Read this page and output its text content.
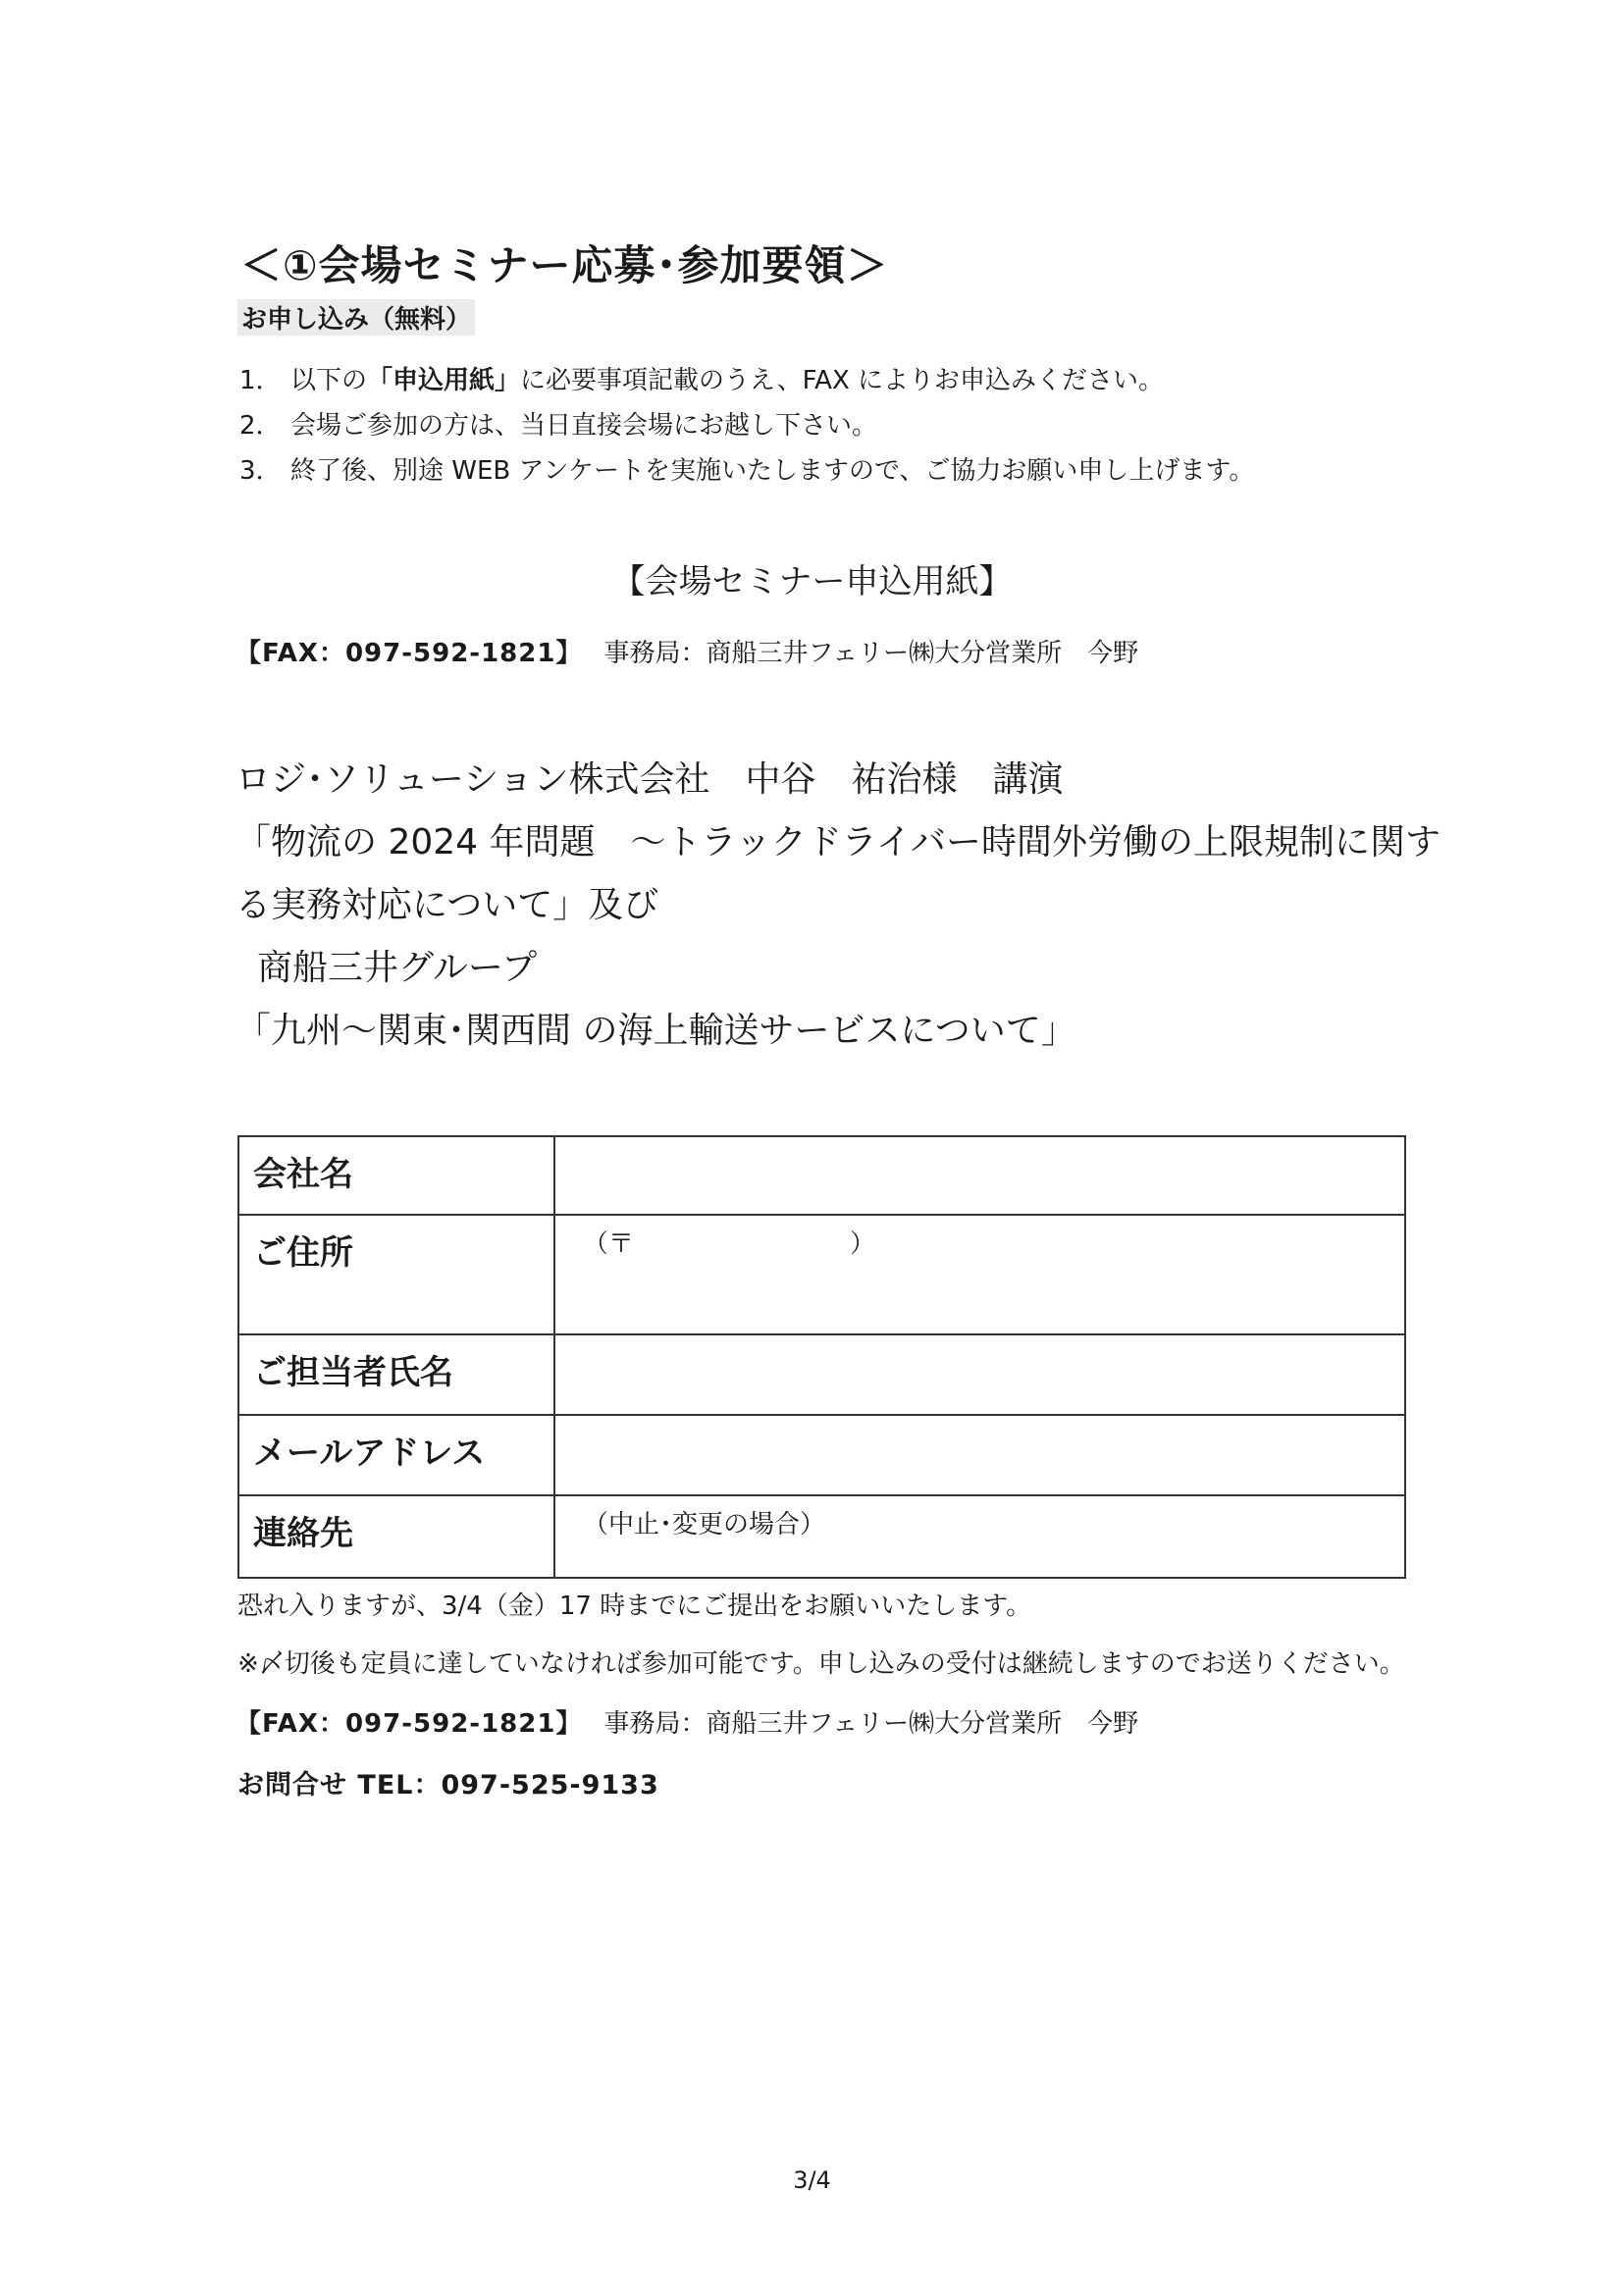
＜①会場セミナー応募･参加要領＞
お申し込み（無料）
1． 以下の「申込用紙」に必要事項記載のうえ、FAX によりお申込みください。
2． 会場ご参加の方は、当日直接会場にお越し下さい。
3． 終了後、別途 WEB アンケートを実施いたしますので、ご協力お願い申し上げます。
【会場セミナー申込用紙】
【FAX：097-592-1821】 事務局：商船三井フェリー㈱大分営業所　今野
ロジ･ソリューション株式会社　中谷　祐治様　講演
「物流の 2024 年問題　～トラックドライバー時間外労働の上限規制に関す
る実務対応について」及び
商船三井グループ
「九州～関東･関西間 の海上輸送サービスについて」
会社名	
ご住所	（〒 ）
ご担当者氏名	
メールアドレス	
連絡先	（中止･変更の場合）
恐れ入りますが、3/4（金）17 時までにご提出をお願いいたします。
※〆切後も定員に達していなければ参加可能です。申し込みの受付は継続しますのでお送りください。
【FAX：097-592-1821】 事務局：商船三井フェリー㈱大分営業所　今野
お問合せ TEL：097-525-9133
3/4
